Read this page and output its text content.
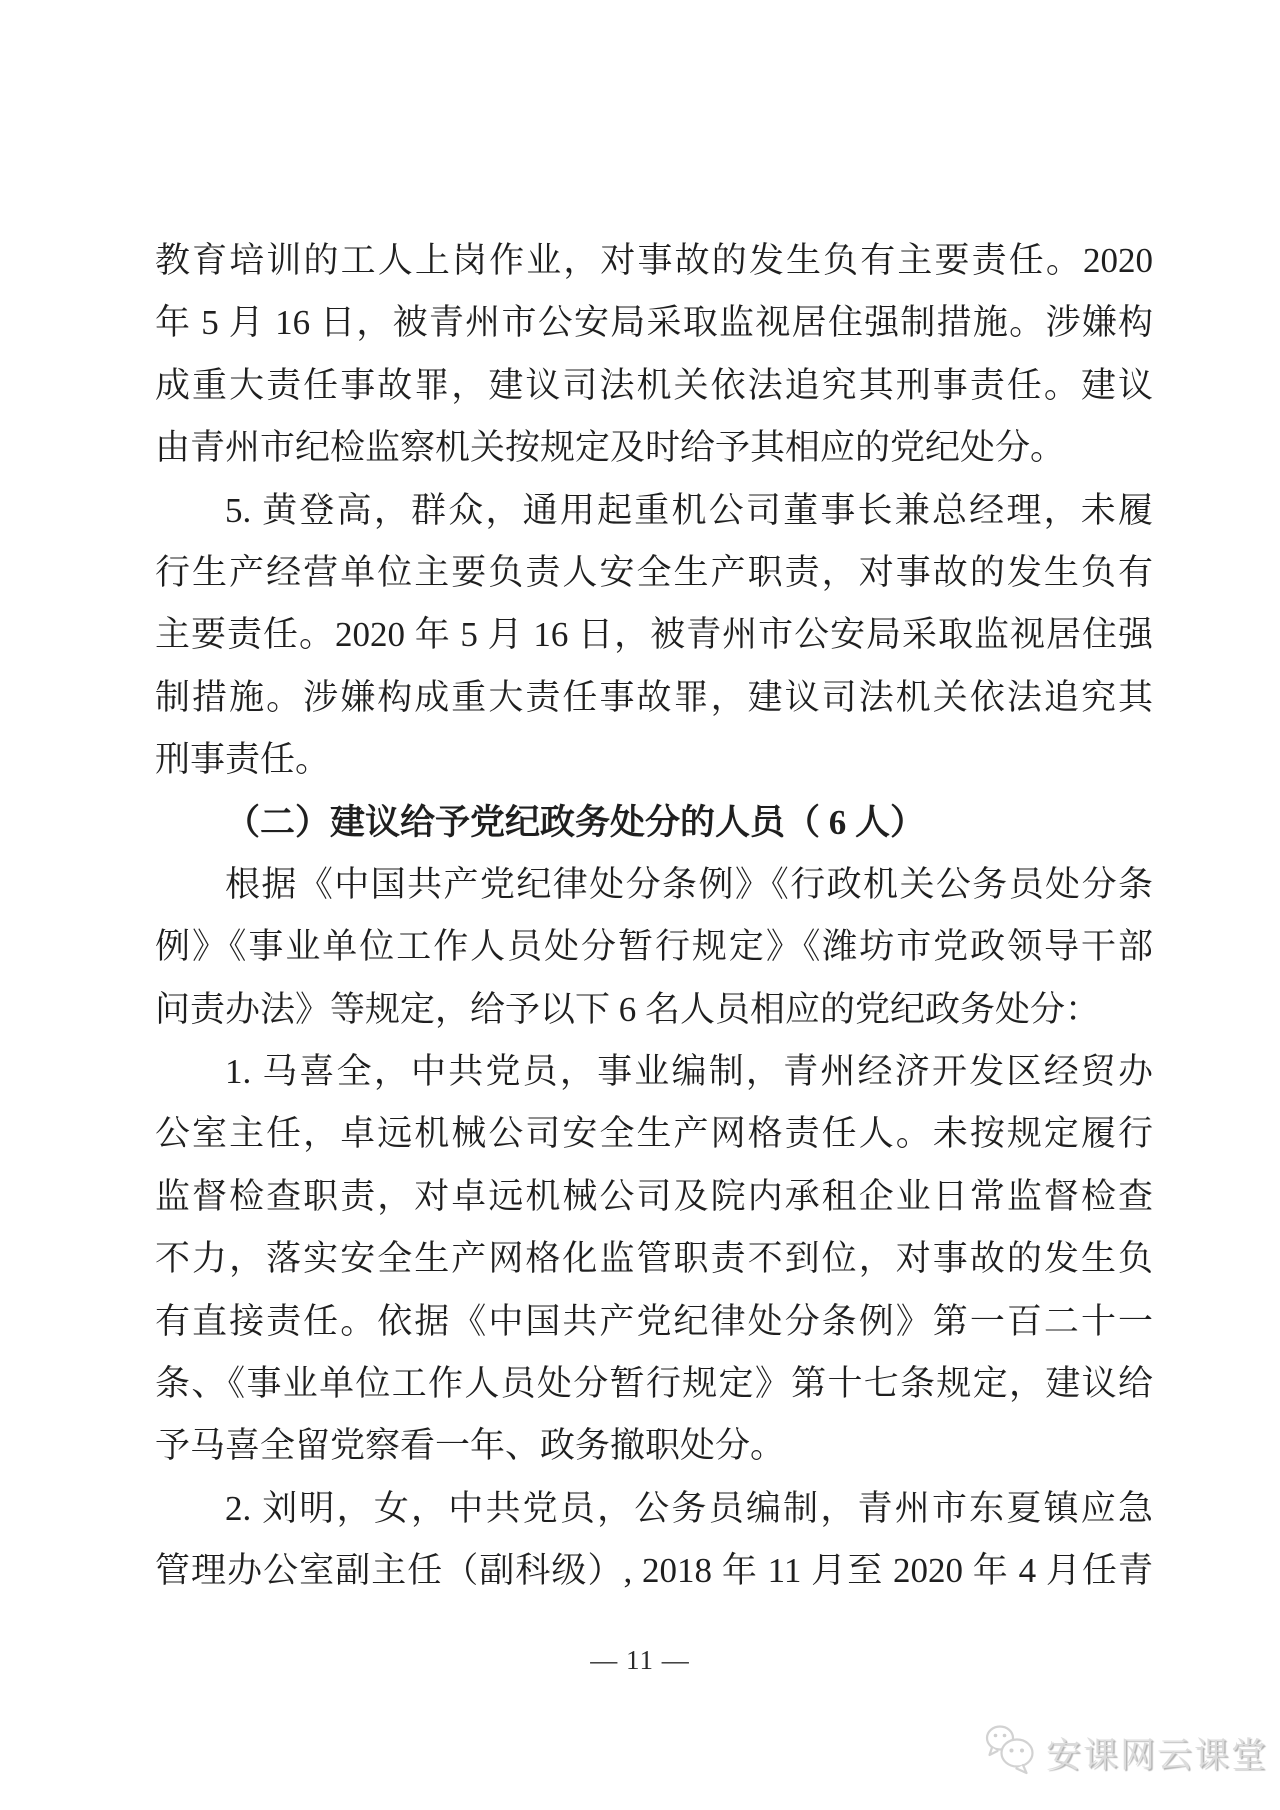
教育培训的工人上岗作业，对事故的发生负有主要责任。2020
年 5 月 16 日，被青州市公安局采取监视居住强制措施。涉嫌构
成重大责任事故罪，建议司法机关依法追究其刑事责任。建议
由青州市纪检监察机关按规定及时给予其相应的党纪处分。
5. 黄登高，群众，通用起重机公司董事长兼总经理，未履
行生产经营单位主要负责人安全生产职责，对事故的发生负有
主要责任。2020 年 5 月 16 日，被青州市公安局采取监视居住强
制措施。涉嫌构成重大责任事故罪，建议司法机关依法追究其
刑事责任。
（二）建议给予党纪政务处分的人员（ 6 人）
根据《中国共产党纪律处分条例》《行政机关公务员处分条
例》《事业单位工作人员处分暂行规定》《潍坊市党政领导干部
问责办法》等规定，给予以下 6 名人员相应的党纪政务处分：
1. 马喜全，中共党员，事业编制，青州经济开发区经贸办
公室主任，卓远机械公司安全生产网格责任人。未按规定履行
监督检查职责，对卓远机械公司及院内承租企业日常监督检查
不力，落实安全生产网格化监管职责不到位，对事故的发生负
有直接责任。依据《中国共产党纪律处分条例》第一百二十一
条、《事业单位工作人员处分暂行规定》第十七条规定，建议给
予马喜全留党察看一年、政务撤职处分。
2. 刘明，女，中共党员，公务员编制，青州市东夏镇应急
管理办公室副主任（副科级）, 2018 年 11 月至 2020 年 4 月任青
— 11 —
安课网云课堂
